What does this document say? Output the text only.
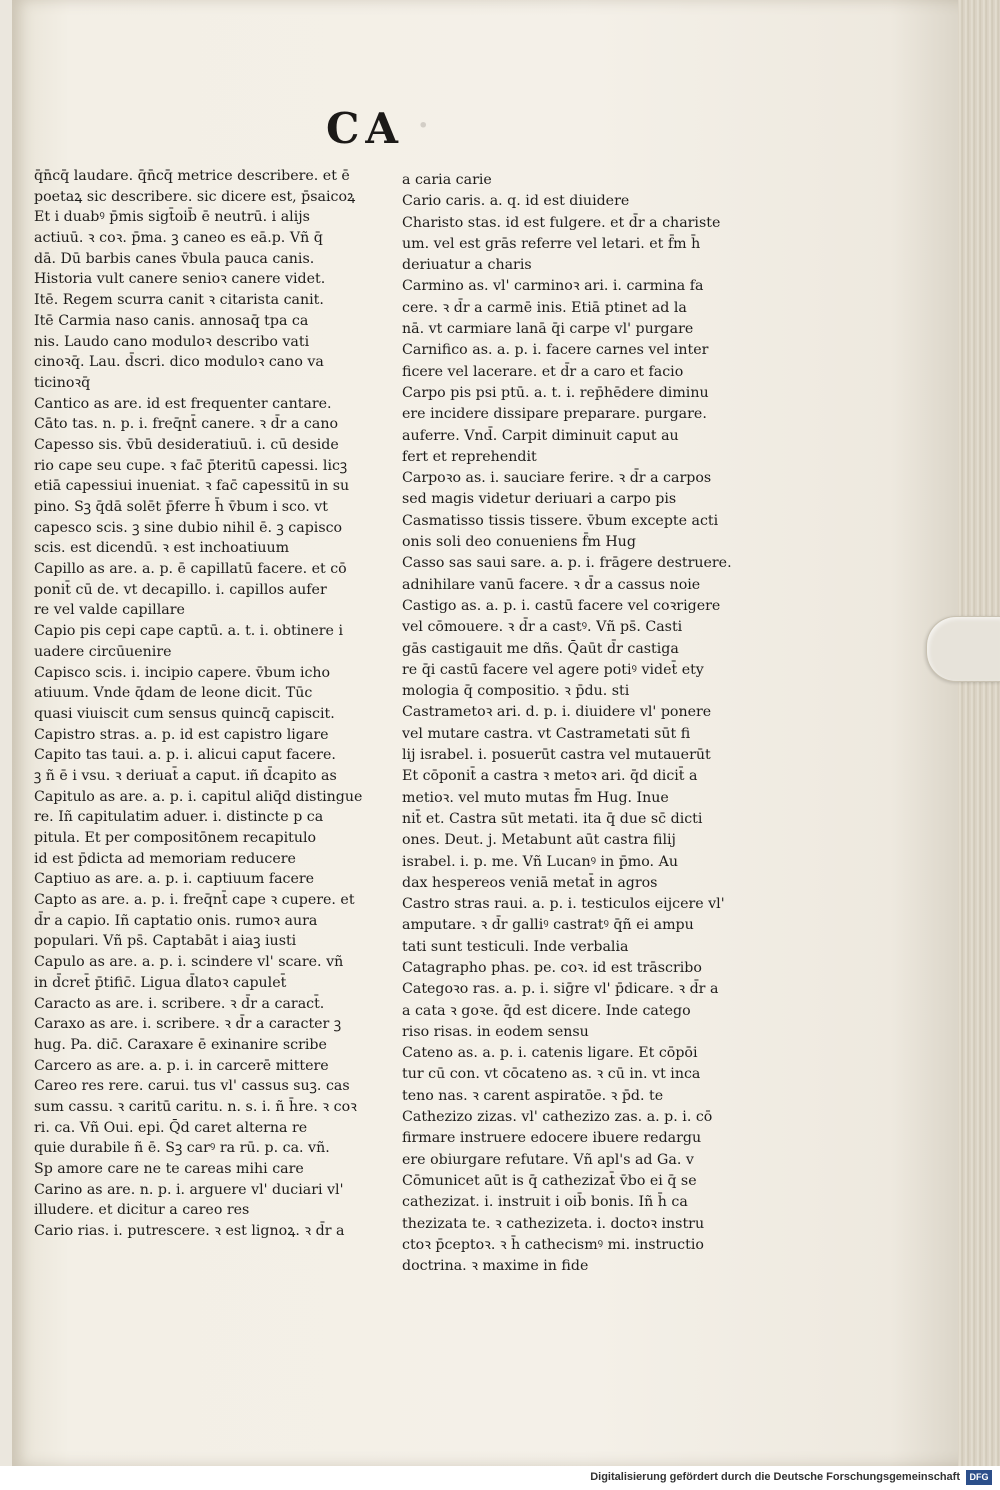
CA ·
q̄n̄cq̄ laudare. q̄n̄cq̄ metrice describere. et ē
poetaꝝ sic describere. sic dicere est, p̄saicoꝝ
Et i duabꝰ p̄mis sigt̄oib̄ ē neutrū. i alijs
actiuū. ꝛ coꝛ. p̄ma. ꝫ caneo es eā.p. Vñ q̄
dā. Dū barbis canes v̄bula pauca canis.
Historia vult canere senioꝛ canere videt.
Itē. Regem scurra canit ꝛ citarista canit.
Itē Carmia naso canis. annosaq̄ tpa ca
nis. Laudo cano moduloꝛ describo vati
cinoꝛq̄. Lau. d̄scri. dico moduloꝛ cano va
ticinoꝛq̄
Cantico as are. id est frequenter cantare.
Cāto tas. n. p. i. freq̄nt̄ canere. ꝛ d̄r a cano
Capesso sis. v̄bū desideratiuū. i. cū deside
rio cape seu cupe. ꝛ fac̄ p̄teritū capessi. licꝫ
etiā capessiui inueniat. ꝛ fac̄ capessitū in su
pino. Sꝫ q̄dā solēt p̄ferre h̄ v̄bum i sco. vt
capesco scis. ꝫ sine dubio nihil ē. ꝫ capisco
scis. est dicendū. ꝛ est inchoatiuum
Capillo as are. a. p. ē capillatū facere. et cō
ponit̄ cū de. vt decapillo. i. capillos aufer
re vel valde capillare
Capio pis cepi cape captū. a. t. i. obtinere i
uadere circūuenire
Capisco scis. i. incipio capere. v̄bum icho
atiuum. Vnde q̄dam de leone dicit. Tūc
quasi viuiscit cum sensus quincq̄ capiscit.
Capistro stras. a. p. id est capistro ligare
Capito tas taui. a. p. i. alicui caput facere.
ꝫ ñ ē i vsu. ꝛ deriuat̄ a caput. iñ d̄capito as
Capitulo as are. a. p. i. capitul aliq̄d distingue
re. Iñ capitulatim aduer. i. distincte p ca
pitula. Et per compositōnem recapitulo
id est p̄dicta ad memoriam reducere
Captiuo as are. a. p. i. captiuum facere
Capto as are. a. p. i. freq̄nt̄ cape ꝛ cupere. et
d̄r a capio. Iñ captatio onis. rumoꝛ aura
populari. Vñ ps̄. Captabāt i aiaꝫ iusti
Capulo as are. a. p. i. scindere vl' scare. vñ
in d̄cret̄ p̄tific̄. Ligua d̄latoꝛ capulet̄
Caracto as are. i. scribere. ꝛ d̄r a caract̄.
Caraxo as are. i. scribere. ꝛ d̄r a caracter ꝫ
hug. Pa. dic̄. Caraxare ē exinanire scribe
Carcero as are. a. p. i. in carcerē mittere
Careo res rere. carui. tus vl' cassus suꝫ. cas
sum cassu. ꝛ caritū caritu. n. s. i. ñ h̄re. ꝛ coꝛ
ri. ca. Vñ Oui. epi. Q̄d caret alterna re
quie durabile ñ ē. Sꝫ carꝰ ra rū. p. ca. vñ.
Sp amore care ne te careas mihi care
Carino as are. n. p. i. arguere vl' duciari vl'
illudere. et dicitur a careo res
Cario rias. i. putrescere. ꝛ est lignoꝝ. ꝛ d̄r a
a caria carie
Cario caris. a. q. id est diuidere
Charisto stas. id est fulgere. et d̄r a chariste
um. vel est grās referre vel letari. et f̄m h̄
deriuatur a charis
Carmino as. vl' carminoꝛ ari. i. carmina fa
cere. ꝛ d̄r a carmē inis. Etiā ptinet ad la
nā. vt carmiare lanā q̄i carpe vl' purgare
Carnifico as. a. p. i. facere carnes vel inter
ficere vel lacerare. et d̄r a caro et facio
Carpo pis psi ptū. a. t. i. rep̄hēdere diminu
ere incidere dissipare preparare. purgare.
auferre. Vnd̄. Carpit diminuit caput au
fert et reprehendit
Carpoꝛo as. i. sauciare ferire. ꝛ d̄r a carpos
sed magis videtur deriuari a carpo pis
Casmatisso tissis tissere. v̄bum excepte acti
onis soli deo conueniens f̄m Hug
Casso sas saui sare. a. p. i. frāgere destruere.
adnihilare vanū facere. ꝛ d̄r a cassus noie
Castigo as. a. p. i. castū facere vel coꝛrigere
vel cōmouere. ꝛ d̄r a castꝰ. Vñ ps̄. Casti
gās castigauit me dñs. Q̄aūt d̄r castiga
re q̄i castū facere vel agere potiꝰ videt̄ ety
mologia q̄ compositio. ꝛ p̄du. sti
Castrametoꝛ ari. d. p. i. diuidere vl' ponere
vel mutare castra. vt Castrametati sūt fi
lij israbel. i. posuerūt castra vel mutauerūt
Et cōponit̄ a castra ꝛ metoꝛ ari. q̄d dicit̄ a
metioꝛ. vel muto mutas f̄m Hug. Inue
nit̄ et. Castra sūt metati. ita q̄ due sc̄ dicti
ones. Deut. j. Metabunt aūt castra filij
israbel. i. p. me. Vñ Lucanꝰ in p̄mo. Au
dax hespereos veniā metat̄ in agros
Castro stras raui. a. p. i. testiculos eijcere vl'
amputare. ꝛ d̄r galliꝰ castratꝰ q̄ñ ei ampu
tati sunt testiculi. Inde verbalia
Catagrapho phas. pe. coꝛ. id est trāscribo
Categoꝛo ras. a. p. i. siḡre vl' p̄dicare. ꝛ d̄r a
a cata ꝛ goꝛe. q̄d est dicere. Inde catego
riso risas. in eodem sensu
Cateno as. a. p. i. catenis ligare. Et cōpōi
tur cū con. vt cōcateno as. ꝛ cū in. vt inca
teno nas. ꝛ carent aspiratōe. ꝛ p̄d. te
Cathezizo zizas. vl' cathezizo zas. a. p. i. cō
firmare instruere edocere ibuere redargu
ere obiurgare refutare. Vñ apl's ad Ga. v
Cōmunicet aūt is q̄ cathezizat̄ v̄bo ei q̄ se
cathezizat. i. instruit i oib̄ bonis. Iñ h̄ ca
thezizata te. ꝛ cathezizeta. i. doctoꝛ instru
ctoꝛ p̄ceptoꝛ. ꝛ h̄ cathecismꝰ mi. instructio
doctrina. ꝛ maxime in fide
Digitalisierung gefördert durch die Deutsche Forschungsgemeinschaft	DFG
